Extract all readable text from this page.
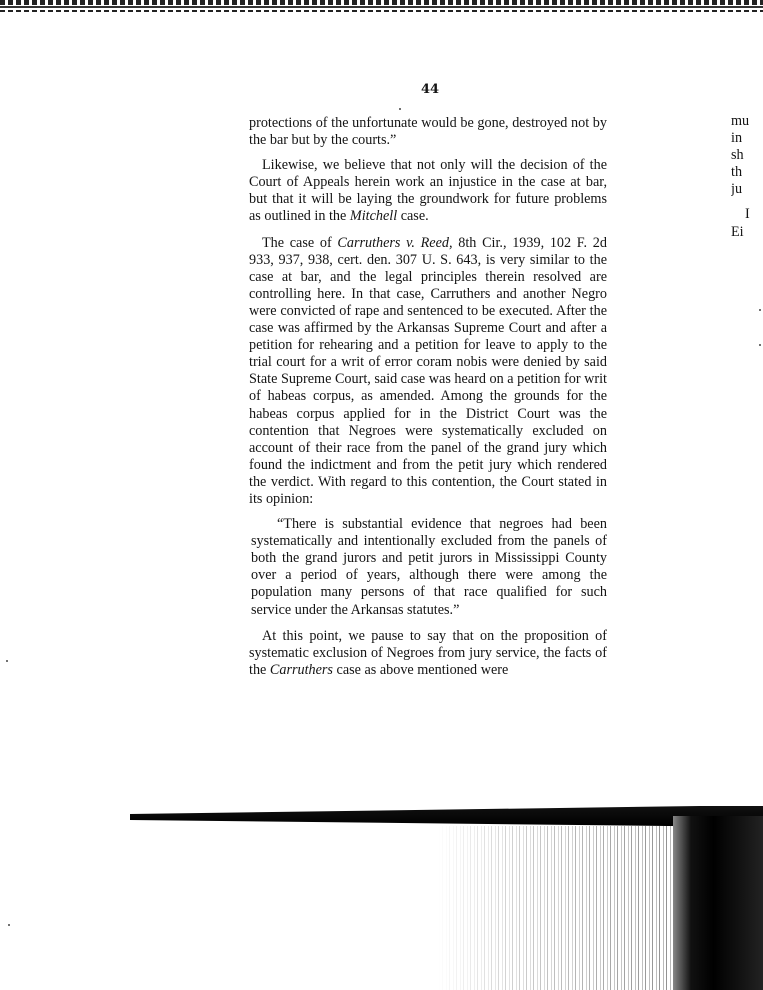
44

protections of the unfortunate would be gone, destroyed not by the bar but by the courts.”

Likewise, we believe that not only will the decision of the Court of Appeals herein work an injustice in the case at bar, but that it will be laying the groundwork for future problems as outlined in the Mitchell case.

The case of Carruthers v. Reed, 8th Cir., 1939, 102 F. 2d 933, 937, 938, cert. den. 307 U. S. 643, is very similar to the case at bar, and the legal principles therein resolved are controlling here. In that case, Carruthers and another Negro were convicted of rape and sentenced to be executed. After the case was affirmed by the Arkansas Supreme Court and after a petition for rehearing and a petition for leave to apply to the trial court for a writ of error coram nobis were denied by said State Supreme Court, said case was heard on a petition for writ of habeas corpus, as amended. Among the grounds for the habeas corpus applied for in the District Court was the contention that Negroes were systematically excluded on account of their race from the panel of the grand jury which found the indictment and from the petit jury which rendered the verdict. With regard to this contention, the Court stated in its opinion:

“There is substantial evidence that negroes had been systematically and intentionally excluded from the panels of both the grand jurors and petit jurors in Mississippi County over a period of years, although there were among the population many persons of that race qualified for such service under the Arkansas statutes.”

At this point, we pause to say that on the proposition of systematic exclusion of Negroes from jury service, the facts of the Carruthers case as above mentioned were

mu
in
sh
th
ju
I
Ei
